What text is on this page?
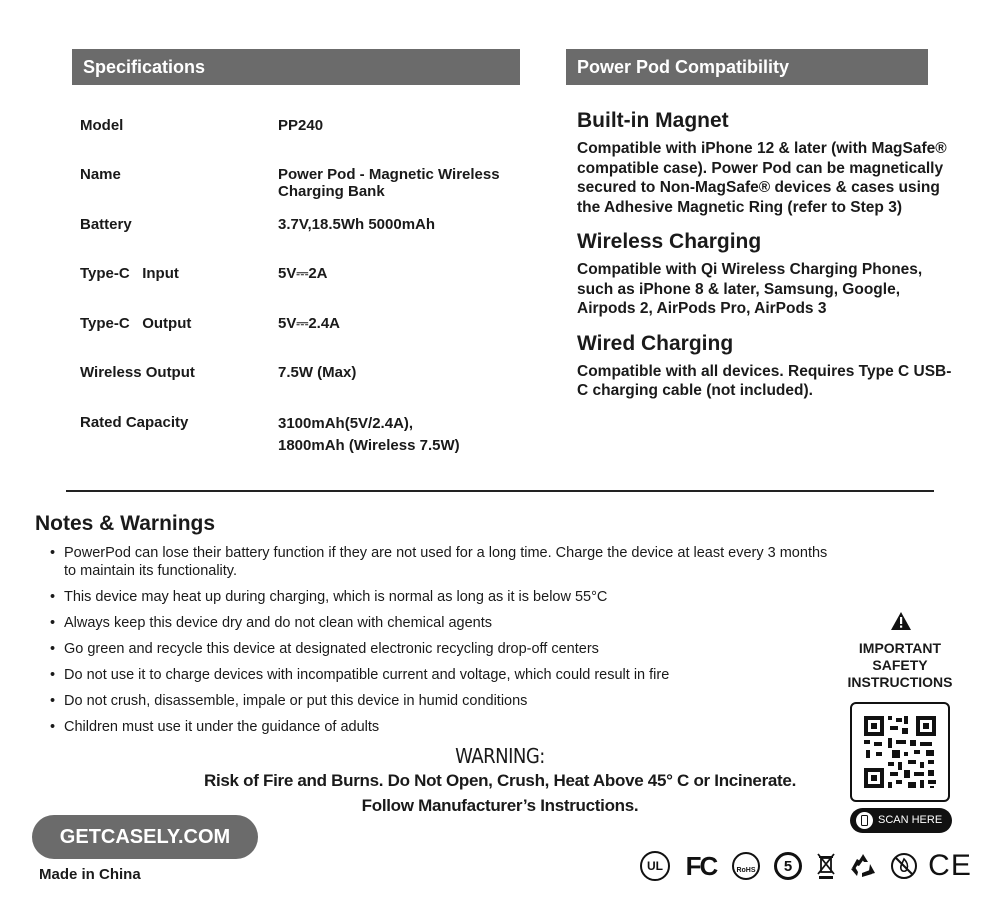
Specifications
Model	PP240
Name	Power Pod - Magnetic Wireless Charging Bank
Battery	3.7V,18.5Wh 5000mAh
Type-C   Input	5V⎓2A
Type-C   Output	5V⎓2.4A
Wireless Output	7.5W (Max)
Rated Capacity	3100mAh(5V/2.4A),
1800mAh (Wireless 7.5W)
Power Pod Compatibility
Built-in Magnet

Compatible with iPhone 12 & later (with MagSafe® compatible case). Power Pod can be magnetically secured to Non-MagSafe® devices & cases using the Adhesive Magnetic Ring (refer to Step 3)

Wireless Charging

Compatible with Qi Wireless Charging Phones, such as iPhone 8 & later, Samsung, Google, Airpods 2, AirPods Pro, AirPods 3

Wired Charging

Compatible with all devices. Requires Type C USB-C charging cable (not included).

Notes & Warnings
• PowerPod can lose their battery function if they are not used for a long time. Charge the device at least every 3 months to maintain its functionality.
• This device may heat up during charging, which is normal as long as it is below 55°C
• Always keep this device dry and do not clean with chemical agents
• Go green and recycle this device at designated electronic recycling drop-off centers
• Do not use it to charge devices with incompatible current and voltage, which could result in fire
• Do not crush, disassemble, impale or put this device in humid conditions
• Children must use it under the guidance of adults
WARNING:
Risk of Fire and Burns. Do Not Open, Crush, Heat Above 45° C or Incinerate.
Follow Manufacturer’s Instructions.
IMPORTANT
SAFETY
INSTRUCTIONS
SCAN HERE
GETCASELY.COM
Made in China	UL FC	RoHS	5	CE
